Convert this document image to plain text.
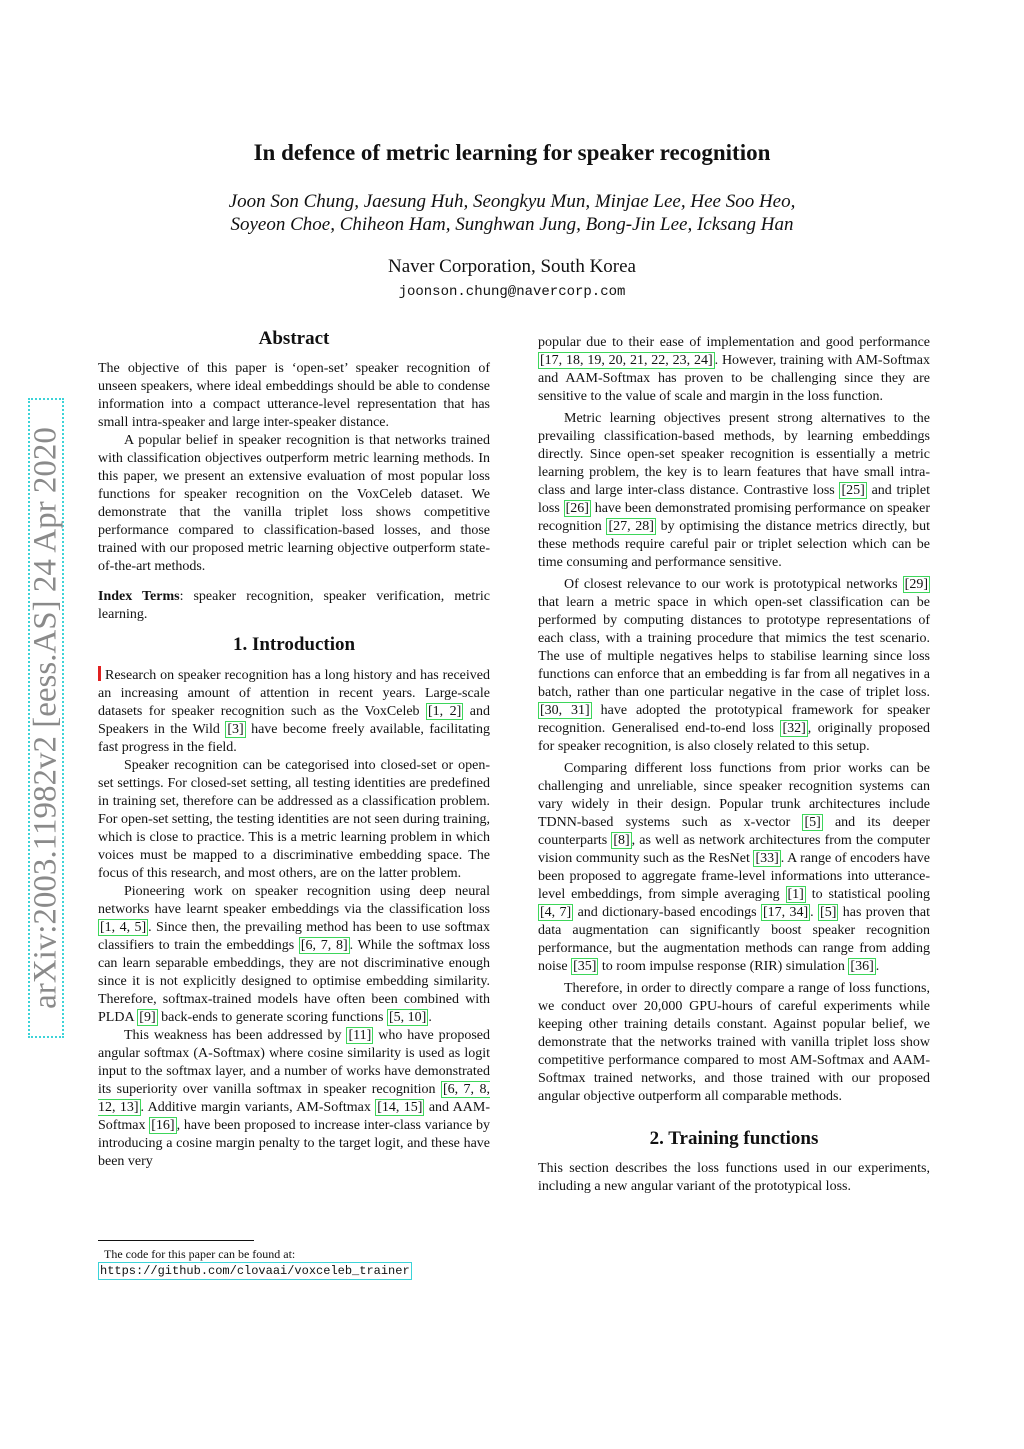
arXiv:2003.11982v2 [eess.AS] 24 Apr 2020
In defence of metric learning for speaker recognition
Joon Son Chung, Jaesung Huh, Seongkyu Mun, Minjae Lee, Hee Soo Heo,
Soyeon Choe, Chiheon Ham, Sunghwan Jung, Bong-Jin Lee, Icksang Han
Naver Corporation, South Korea
joonson.chung@navercorp.com
Abstract

The objective of this paper is ‘open-set’ speaker recognition of unseen speakers, where ideal embeddings should be able to condense information into a compact utterance-level representation that has small intra-speaker and large inter-speaker distance.

A popular belief in speaker recognition is that networks trained with classification objectives outperform metric learning methods. In this paper, we present an extensive evaluation of most popular loss functions for speaker recognition on the VoxCeleb dataset. We demonstrate that the vanilla triplet loss shows competitive performance compared to classification-based losses, and those trained with our proposed metric learning objective outperform state-of-the-art methods.

Index Terms: speaker recognition, speaker verification, metric learning.

1. Introduction

Research on speaker recognition has a long history and has received an increasing amount of attention in recent years. Large-scale datasets for speaker recognition such as the VoxCeleb [1, 2] and Speakers in the Wild [3] have become freely available, facilitating fast progress in the field.

Speaker recognition can be categorised into closed-set or open-set settings. For closed-set setting, all testing identities are predefined in training set, therefore can be addressed as a classification problem. For open-set setting, the testing identities are not seen during training, which is close to practice. This is a metric learning problem in which voices must be mapped to a discriminative embedding space. The focus of this research, and most others, are on the latter problem.

Pioneering work on speaker recognition using deep neural networks have learnt speaker embeddings via the classification loss [1, 4, 5] . Since then, the prevailing method has been to use softmax classifiers to train the embeddings [6, 7, 8] . While the softmax loss can learn separable embeddings, they are not discriminative enough since it is not explicitly designed to optimise embedding similarity. Therefore, softmax-trained models have often been combined with PLDA [9] back-ends to generate scoring functions [5, 10] .

This weakness has been addressed by [11] who have proposed angular softmax (A-Softmax) where cosine similarity is used as logit input to the softmax layer, and a number of works have demonstrated its superiority over vanilla softmax in speaker recognition [6, 7, 8, 12, 13] . Additive margin variants, AM-Softmax [14, 15] and AAM-Softmax [16] , have been proposed to increase inter-class variance by introducing a cosine margin penalty to the target logit, and these have been very

The code for this paper can be found at:
https://github.com/clovaai/voxceleb_trainer

popular due to their ease of implementation and good performance [17, 18, 19, 20, 21, 22, 23, 24] . However, training with AM-Softmax and AAM-Softmax has proven to be challenging since they are sensitive to the value of scale and margin in the loss function.

Metric learning objectives present strong alternatives to the prevailing classification-based methods, by learning embeddings directly. Since open-set speaker recognition is essentially a metric learning problem, the key is to learn features that have small intra-class and large inter-class distance. Contrastive loss [25] and triplet loss [26] have been demonstrated promising performance on speaker recognition [27, 28] by optimising the distance metrics directly, but these methods require careful pair or triplet selection which can be time consuming and performance sensitive.

Of closest relevance to our work is prototypical networks [29] that learn a metric space in which open-set classification can be performed by computing distances to prototype representations of each class, with a training procedure that mimics the test scenario. The use of multiple negatives helps to stabilise learning since loss functions can enforce that an embedding is far from all negatives in a batch, rather than one particular negative in the case of triplet loss. [30, 31] have adopted the prototypical framework for speaker recognition. Generalised end-to-end loss [32] , originally proposed for speaker recognition, is also closely related to this setup.

Comparing different loss functions from prior works can be challenging and unreliable, since speaker recognition systems can vary widely in their design. Popular trunk architectures include TDNN-based systems such as x-vector [5] and its deeper counterparts [8] , as well as network architectures from the computer vision community such as the ResNet [33] . A range of encoders have been proposed to aggregate frame-level informations into utterance-level embeddings, from simple averaging [1] to statistical pooling [4, 7] and dictionary-based encodings [17, 34] . [5] has proven that data augmentation can significantly boost speaker recognition performance, but the augmentation methods can range from adding noise [35] to room impulse response (RIR) simulation [36] .

Therefore, in order to directly compare a range of loss functions, we conduct over 20,000 GPU-hours of careful experiments while keeping other training details constant. Against popular belief, we demonstrate that the networks trained with vanilla triplet loss show competitive performance compared to most AM-Softmax and AAM-Softmax trained networks, and those trained with our proposed angular objective outperform all comparable methods.

2. Training functions

This section describes the loss functions used in our experiments, including a new angular variant of the prototypical loss.
